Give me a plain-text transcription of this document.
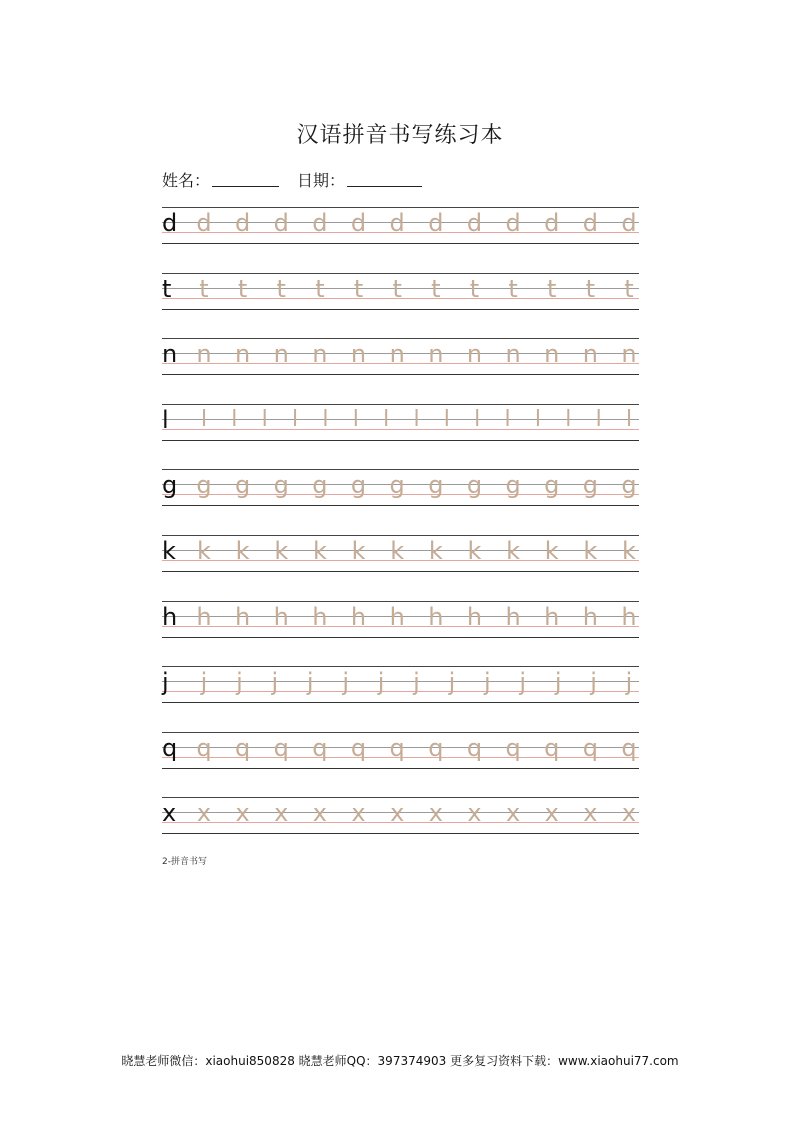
汉语拼音书写练习本
姓名：	日期：
d d d d d d d d d d d d d
t t t t t t t t t t t t t
n n n n n n n n n n n n n
l l l l l l l l l l l l l l l l
g g g g g g g g g g g g g
k k k k k k k k k k k k k
h h h h h h h h h h h h h
j j j j j j j j j j j j j j
q q q q q q q q q q q q q
x x x x x x x x x x x x x
2-拼音书写
晓慧老师微信：xiaohui850828 晓慧老师QQ：397374903 更多复习资料下载：www.xiaohui77.com
